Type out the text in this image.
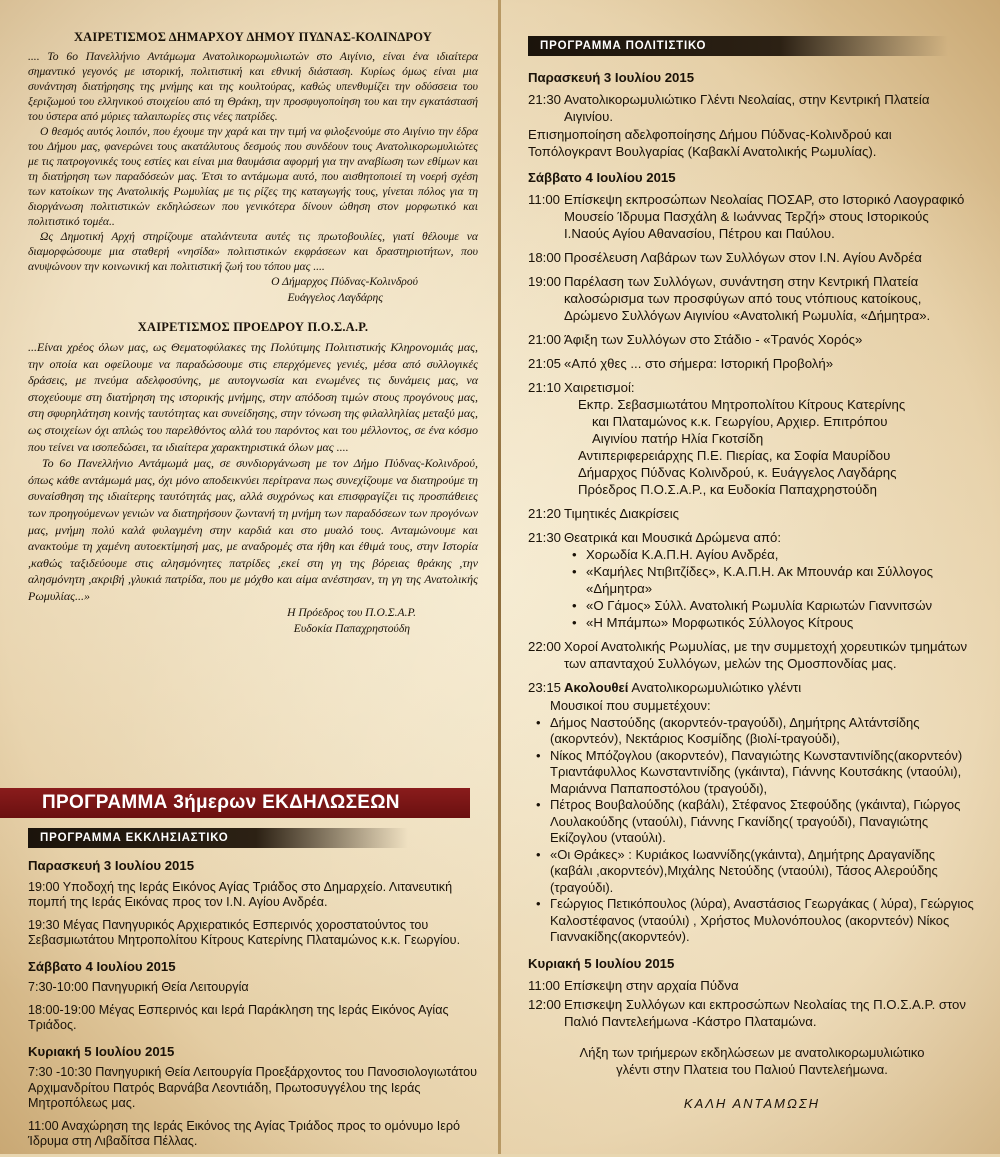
ΧΑΙΡΕΤΙΣΜΟΣ ΔΗΜΑΡΧΟΥ ΔΗΜΟΥ ΠΥΔΝΑΣ-ΚΟΛΙΝΔΡΟΥ

.... Το 6ο Πανελλήνιο Αντάμωμα Ανατολικορωμυλιωτών στο Αιγίνιο, είναι ένα ιδιαίτερα σημαντικό γεγονός με ιστορική, πολιτιστική και εθνική διάσταση. Κυρίως όμως είναι μια συνάντηση διατήρησης της μνήμης και της κουλτούρας, καθώς υπενθυμίζει την οδύσσεια του ξεριζωμού του ελληνικού στοιχείου από τη Θράκη, την προσφυγοποίηση του και την εγκατάστασή του ύστερα από μύριες ταλαιπωρίες στις νέες πατρίδες.

Ο θεσμός αυτός λοιπόν, που έχουμε την χαρά και την τιμή να φιλοξενούμε στο Αιγίνιο την έδρα του Δήμου μας, φανερώνει τους ακατάλυτους δεσμούς που συνδέουν τους Ανατολικορωμυλιώτες με τις πατρογονικές τους εστίες και είναι μια θαυμάσια αφορμή για την αναβίωση των εθίμων και τη διατήρηση των παραδόσεών μας. Έτσι το αντάμωμα αυτό, που αισθητοποιεί τη νοερή σχέση των κατοίκων της Ανατολικής Ρωμυλίας με τις ρίζες της καταγωγής τους, γίνεται πόλος για τη διοργάνωση πολιτιστικών εκδηλώσεων που γενικότερα δίνουν ώθηση στον μορφωτικό και πολιτιστικό τομέα..

Ως Δημοτική Αρχή στηρίζουμε αταλάντευτα αυτές τις πρωτοβουλίες, γιατί θέλουμε να διαμορφώσουμε μια σταθερή «νησίδα» πολιτιστικών εκφράσεων και δραστηριοτήτων, που ανυψώνουν την κοινωνική και πολιτιστική ζωή του τόπου μας ....

Ο Δήμαρχος Πύδνας-Κολινδρού
Ευάγγελος Λαγδάρης
ΧΑΙΡΕΤΙΣΜΟΣ ΠΡΟΕΔΡΟΥ Π.Ο.Σ.Α.Ρ.

...Είναι χρέος όλων μας, ως Θεματοφύλακες της Πολύτιμης Πολιτιστικής Κληρονομιάς μας, την οποία και οφείλουμε να παραδώσουμε στις επερχόμενες γενιές, μέσα από συλλογικές δράσεις, με πνεύμα αδελφοσύνης, με αυτογνωσία και ενωμένες τις δυνάμεις μας, να στοχεύουμε στη διατήρηση της ιστορικής μνήμης, στην απόδοση τιμών στους προγόνους μας, στη σφυρηλάτηση κοινής ταυτότητας και συνείδησης, στην τόνωση της φιλαλληλίας μεταξύ μας, ως στοιχείων όχι απλώς του παρελθόντος αλλά του παρόντος και του μέλλοντος, σε ένα κόσμο που τείνει να ισοπεδώσει, τα ιδιαίτερα χαρακτηριστικά όλων μας ....

Το 6ο Πανελλήνιο Αντάμωμά μας, σε συνδιοργάνωση με τον Δήμο Πύδνας-Κολινδρού, όπως κάθε αντάμωμά μας, όχι μόνο αποδεικνύει περίτρανα πως συνεχίζουμε να διατηρούμε τη συναίσθηση της ιδιαίτερης ταυτότητάς μας, αλλά συχρόνως και επισφραγίζει τις προσπάθειες των προηγούμενων γενιών να διατηρήσουν ζωντανή τη μνήμη των παραδόσεων των προγόνων μας, μνήμη πολύ καλά φυλαγμένη στην καρδιά και στο μυαλό τους. Ανταμώνουμε και ανακτούμε τη χαμένη αυτοεκτίμησή μας, με αναδρομές στα ήθη και έθιμά τους, στην Ιστορία ,καθώς ταξιδεύουμε στις αλησμόνητες πατρίδες ,εκεί στη γη της βόρειας θράκης ,την αλησμόνητη ,ακριβή ,γλυκιά πατρίδα, που με μόχθο και αίμα ανέστησαν, τη γη της Ανατολικής Ρωμυλίας...»

Η Πρόεδρος του Π.Ο.Σ.Α.Ρ.
Ευδοκία Παπαχρηστούδη
ΠΡΟΓΡΑΜΜΑ 3ήμερων ΕΚΔΗΛΩΣΕΩΝ
ΠΡΟΓΡΑΜΜΑ ΕΚΚΛΗΣΙΑΣΤΙΚΟ
Παρασκευή 3 Ιουλίου 2015
19:00 Υποδοχή της Ιεράς Εικόνος Αγίας Τριάδος στο Δημαρχείο. Λιτανευτική πομπή της Ιεράς Εικόνας προς τον Ι.Ν. Αγίου Ανδρέα.
19:30 Μέγας Πανηγυρικός Αρχιερατικός Εσπερινός χοροστατούντος του Σεβασμιωτάτου Μητροπολίτου Κίτρους Κατερίνης Πλαταμώνος κ.κ. Γεωργίου.
Σάββατο 4 Ιουλίου 2015
7:30-10:00 Πανηγυρική Θεία Λειτουργία
18:00-19:00 Μέγας Εσπερινός και Ιερά Παράκληση της Ιεράς Εικόνος Αγίας Τριάδος.
Κυριακή 5 Ιουλίου 2015
7:30 -10:30 Πανηγυρική Θεία Λειτουργία Προεξάρχοντος του Πανοσιολογιωτάτου Αρχιμανδρίτου Πατρός Βαρνάβα Λεοντιάδη, Πρωτοσυγγέλου της Ιεράς Μητροπόλεως μας.
11:00 Αναχώρηση της Ιεράς Εικόνος της Αγίας Τριάδος προς το ομόνυμο Ιερό Ίδρυμα στη Λιβαδίτσα Πέλλας.
ΠΡΟΓΡΑΜΜΑ ΠΟΛΙΤΙΣΤΙΚΟ
Παρασκευή 3 Ιουλίου 2015
21:30 Ανατολικορωμυλιώτικο Γλέντι Νεολαίας, στην Κεντρική Πλατεία Αιγινίου.
Επισημοποίηση αδελφοποίησης Δήμου Πύδνας-Κολινδρού και Τοπόλογκραντ Βουλγαρίας (Καβακλί Ανατολικής Ρωμυλίας).
Σάββατο 4 Ιουλίου 2015
11:00 Επίσκεψη εκπροσώπων Νεολαίας ΠΟΣΑΡ, στο Ιστορικό Λαογραφικό Μουσείο Ίδρυμα Πασχάλη & Ιωάννας Τερζή» στους Ιστορικούς Ι.Ναούς Αγίου Αθανασίου, Πέτρου και Παύλου.
18:00 Προσέλευση Λαβάρων των Συλλόγων στον Ι.Ν. Αγίου Ανδρέα
19:00 Παρέλαση των Συλλόγων, συνάντηση στην Κεντρική Πλατεία καλοσώρισμα των προσφύγων από τους ντόπιους κατοίκους, Δρώμενο Συλλόγων Αιγινίου «Ανατολική Ρωμυλία, «Δήμητρα».
21:00 Άφιξη των Συλλόγων στο Στάδιο - «Τρανός Χορός»
21:05 «Από χθες ... στο σήμερα: Ιστορική Προβολή»
21:10 Χαιρετισμοί:
Εκπρ. Σεβασμιωτάτου Μητροπολίτου Κίτρους Κατερίνης
και Πλαταμώνος κ.κ. Γεωργίου, Αρχιερ. Επιτρόπου
Αιγινίου πατήρ Ηλία Γκοτσίδη
Αντιπεριφερειάρχης Π.Ε. Πιερίας, κα Σοφία Μαυρίδου
Δήμαρχος Πύδνας Κολινδρού, κ. Ευάγγελος Λαγδάρης
Πρόεδρος Π.Ο.Σ.Α.Ρ., κα Ευδοκία Παπαχρηστούδη
21:20 Τιμητικές Διακρίσεις
21:30 Θεατρικά και Μουσικά Δρώμενα από:
• Χορωδία Κ.Α.Π.Η. Αγίου Ανδρέα,
• «Καμήλες Ντιβιτζίδες», Κ.Α.Π.Η. Ακ Μπουνάρ και Σύλλογος «Δήμητρα»
• «Ο Γάμος» Σύλλ. Ανατολική Ρωμυλία Καριωτών Γιαννιτσών
• «Η Μπάμπω» Μορφωτικός Σύλλογος Κίτρους
22:00 Χοροί Ανατολικής Ρωμυλίας, με την συμμετοχή χορευτικών τμημάτων των απανταχού Συλλόγων, μελών της Ομοσπονδίας μας.
23:15 Ακολουθεί Ανατολικορωμυλιώτικο γλέντι
Μουσικοί που συμμετέχουν:
• Δήμος Ναστούδης (ακορντεόν-τραγούδι), Δημήτρης Αλτάντσίδης (ακορντεόν), Νεκτάριος Κοσμίδης (βιολί-τραγούδι),
• Νίκος Μπόζογλου (ακορντεόν), Παναγιώτης Κωνσταντινίδης(ακορντεόν) Τριαντάφυλλος Κωνσταντινίδης (γκάιντα), Γιάννης Κουτσάκης (νταούλι), Μαριάννα Παπαποστόλου (τραγούδι),
• Πέτρος Βουβαλούδης (καβάλι), Στέφανος Στεφούδης (γκάιντα), Γιώργος Λουλακούδης (νταούλι), Γιάννης Γκανίδης( τραγούδι), Παναγιώτης Εκίζογλου (νταούλι).
• «Οι Θράκες» : Κυριάκος Ιωαννίδης(γκάιντα), Δημήτρης Δραγανίδης (καβάλι ,ακορντεόν),Μιχάλης Νετούδης (νταούλι), Τάσος Αλερούδης (τραγούδι).
• Γεώργιος Πετικόπουλος (λύρα), Αναστάσιος Γεωργάκας ( λύρα), Γεώργιος Καλοστέφανος (νταούλι) , Χρήστος Μυλονόπουλος (ακορντεόν) Νίκος Γιαννακίδης(ακορντεόν).
Κυριακή 5 Ιουλίου 2015
11:00 Επίσκεψη στην αρχαία Πύδνα
12:00 Επισκεψη Συλλόγων και εκπροσώπων Νεολαίας της Π.Ο.Σ.Α.Ρ. στον Παλιό Παντελεήμωνα -Κάστρο Πλαταμώνα.
Λήξη των τριήμερων εκδηλώσεων με ανατολικορωμυλιώτικο γλέντι στην Πλατεια του Παλιού Παντελεήμωνα.
ΚΑΛΗ ΑΝΤΑΜΩΣΗ
